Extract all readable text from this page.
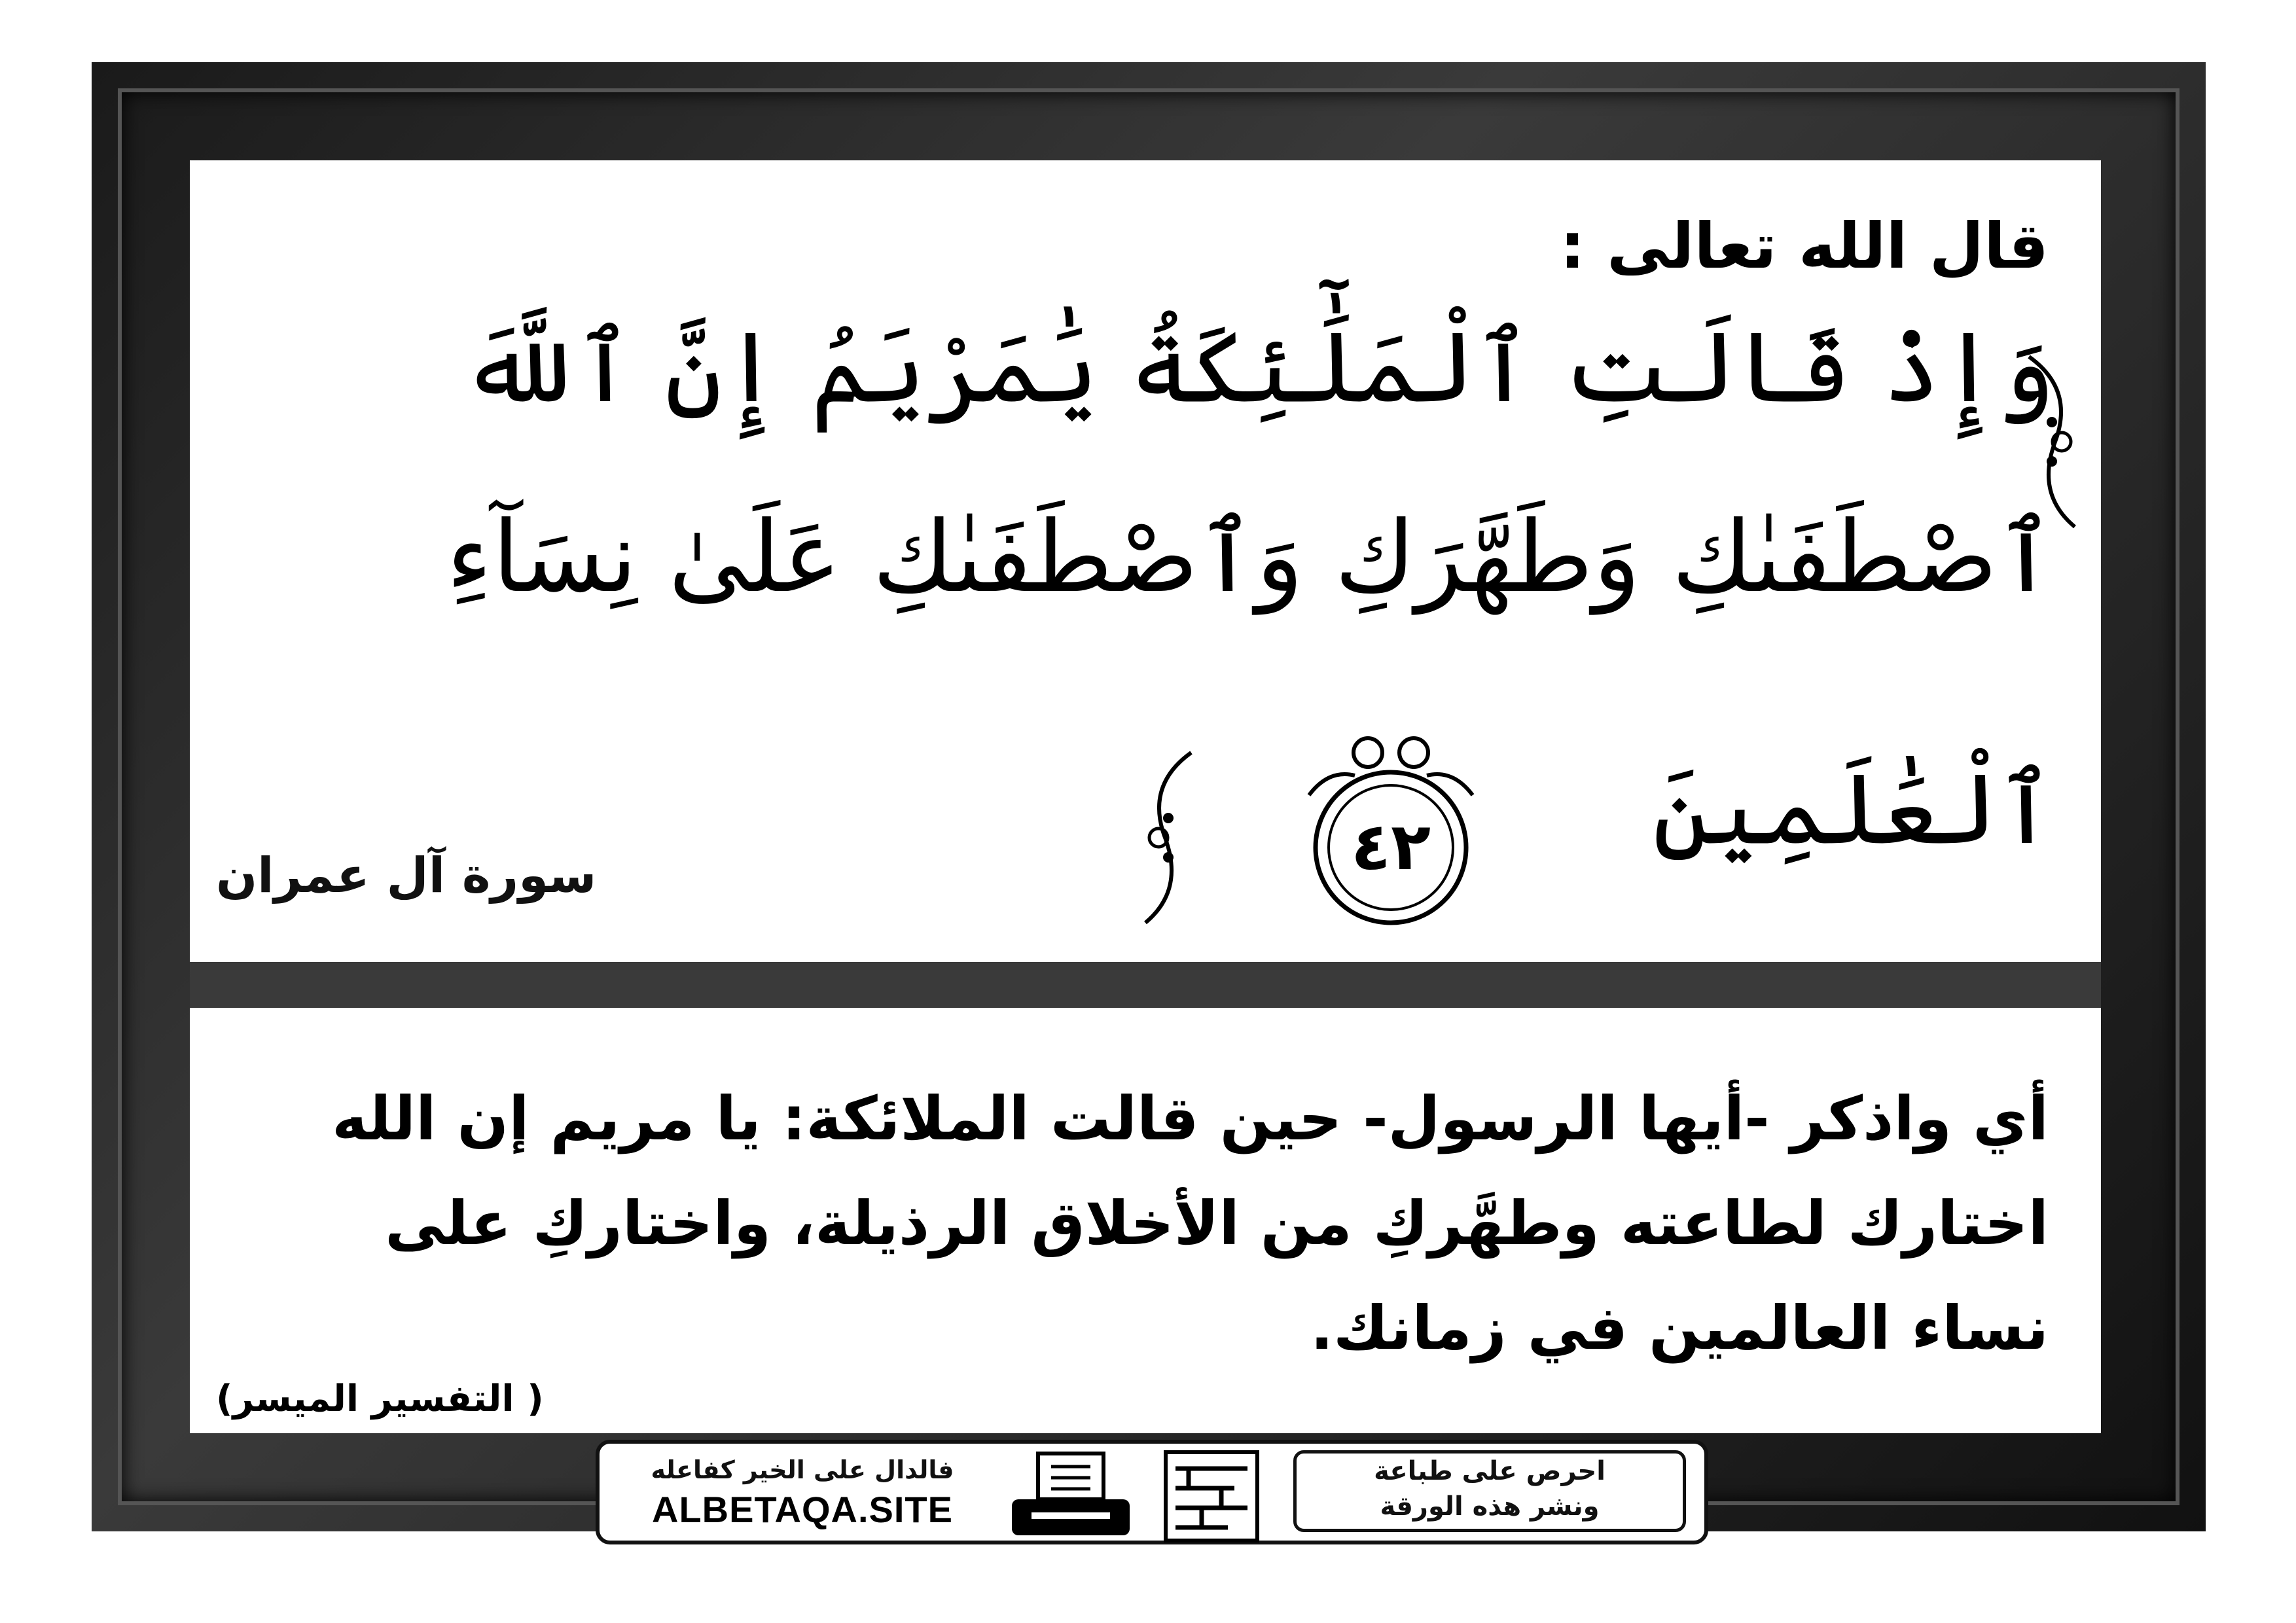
قال الله تعالى :
وَإِذْ قَالَتِ ٱلْمَلَٰٓئِكَةُ يَٰمَرْيَمُ إِنَّ ٱللَّهَ
ٱصْطَفَىٰكِ وَطَهَّرَكِ وَٱصْطَفَىٰكِ عَلَىٰ نِسَآءِ
ٱلْعَٰلَمِينَ
٤٢
سورة آل عمران
أي واذكر -أيها الرسول- حين قالت الملائكة: يا مريم إن الله
اختارك لطاعته وطهَّركِ من الأخلاق الرذيلة، واختاركِ على
نساء العالمين في زمانك.
( التفسير الميسر)
فالدال على الخير كفاعله
ALBETAQA.SITE
دعوة الورقة
احرص على طباعة
ونشر هذه الورقة
